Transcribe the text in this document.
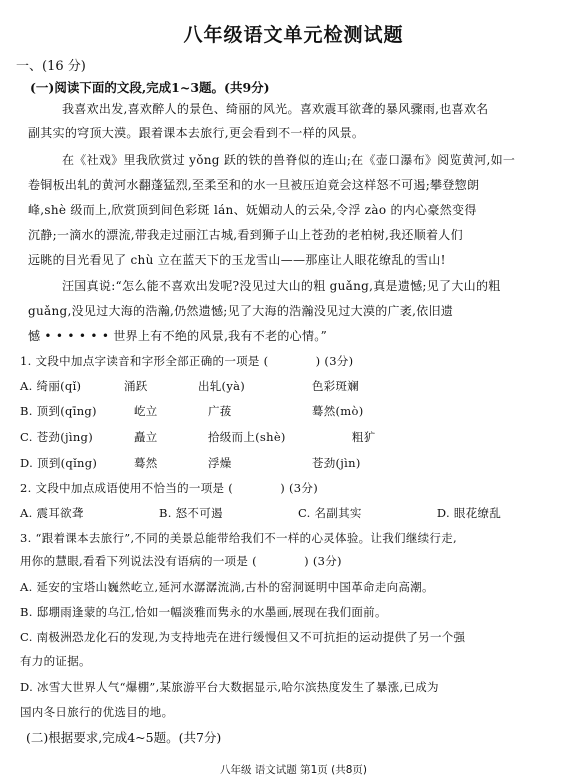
八年级语文单元检测试题
一、(16 分)
(一)阅读下面的文段,完成1~3题。(共9分)
我喜欢出发,喜欢醉人的景色、绮丽的风光。喜欢震耳欲聋的暴风骤雨,也喜欢名
副其实的穹顶大漠。跟着课本去旅行,更会看到不一样的风景。
在《社戏》里我欣赏过 yǒng 跃的铁的兽脊似的连山;在《壶口瀑布》阅览黄河,如一
卷铜板出轧的黄河水翻蓬猛烈,至柔至和的水一旦被压迫竟会这样怒不可遏;攀登惣朗
峰,shè 级而上,欣赏顶到间色彩斑 lán、妩媚动人的云朵,令浮 zào 的内心豪然变得
沉静;一滴水的漂流,带我走过丽江古城,看到狮子山上苍劲的老柏树,我还顺着人们
远眺的目光看见了 chù 立在蓝天下的玉龙雪山——那座让人眼花缭乱的雪山!
汪国真说:“怎么能不喜欢出发呢?没见过大山的粗 guǎng,真是遗憾;见了大山的粗
guǎng,没见过大海的浩瀚,仍然遗憾;见了大海的浩瀚没见过大漠的广袤,依旧遗
憾 • • • • • • 世界上有不绝的风景,我有不老的心情。”
1. 文段中加点字读音和字形全部正确的一项是 (　　　　) (3分)
A. 绮丽(qǐ)	涌跃	出轧(yà)	色彩斑斓
B. 顶到(qīng)	屹立	广菝	蓦然(mò)
C. 苍劲(jìng)	矗立	拾级而上(shè)	粗犷
D. 顶到(qǐng)	蓦然	浮燥	苍劲(jìn)
2. 文段中加点成语使用不恰当的一项是 (　　　　) (3分)
A. 震耳欲聋	B. 怒不可遏	C. 名副其实	D. 眼花缭乱
3. “跟着课本去旅行”,不同的美景总能带给我们不一样的心灵体验。让我们继续行走,
用你的慧眼,看看下列说法没有语病的一项是 (　　　　) (3分)
A. 延安的宝塔山巍然屹立,延河水潺潺流淌,古朴的窑洞诞明中国革命走向高潮。
B. 邸堋雨逢蒙的乌江,恰如一幅淡雅而隽永的水墨画,展现在我们面前。
C. 南极洲恐龙化石的发现,为支持地壳在进行缓慢但又不可抗拒的运动提供了另一个强
有力的证据。
D. 冰雪大世界人气“爆棚”,某旅游平台大数据显示,哈尔滨热度发生了暴涨,已成为
国内冬日旅行的优选目的地。
(二)根据要求,完成4~5题。(共7分)
八年级 语文试题 第1页 (共8页)
